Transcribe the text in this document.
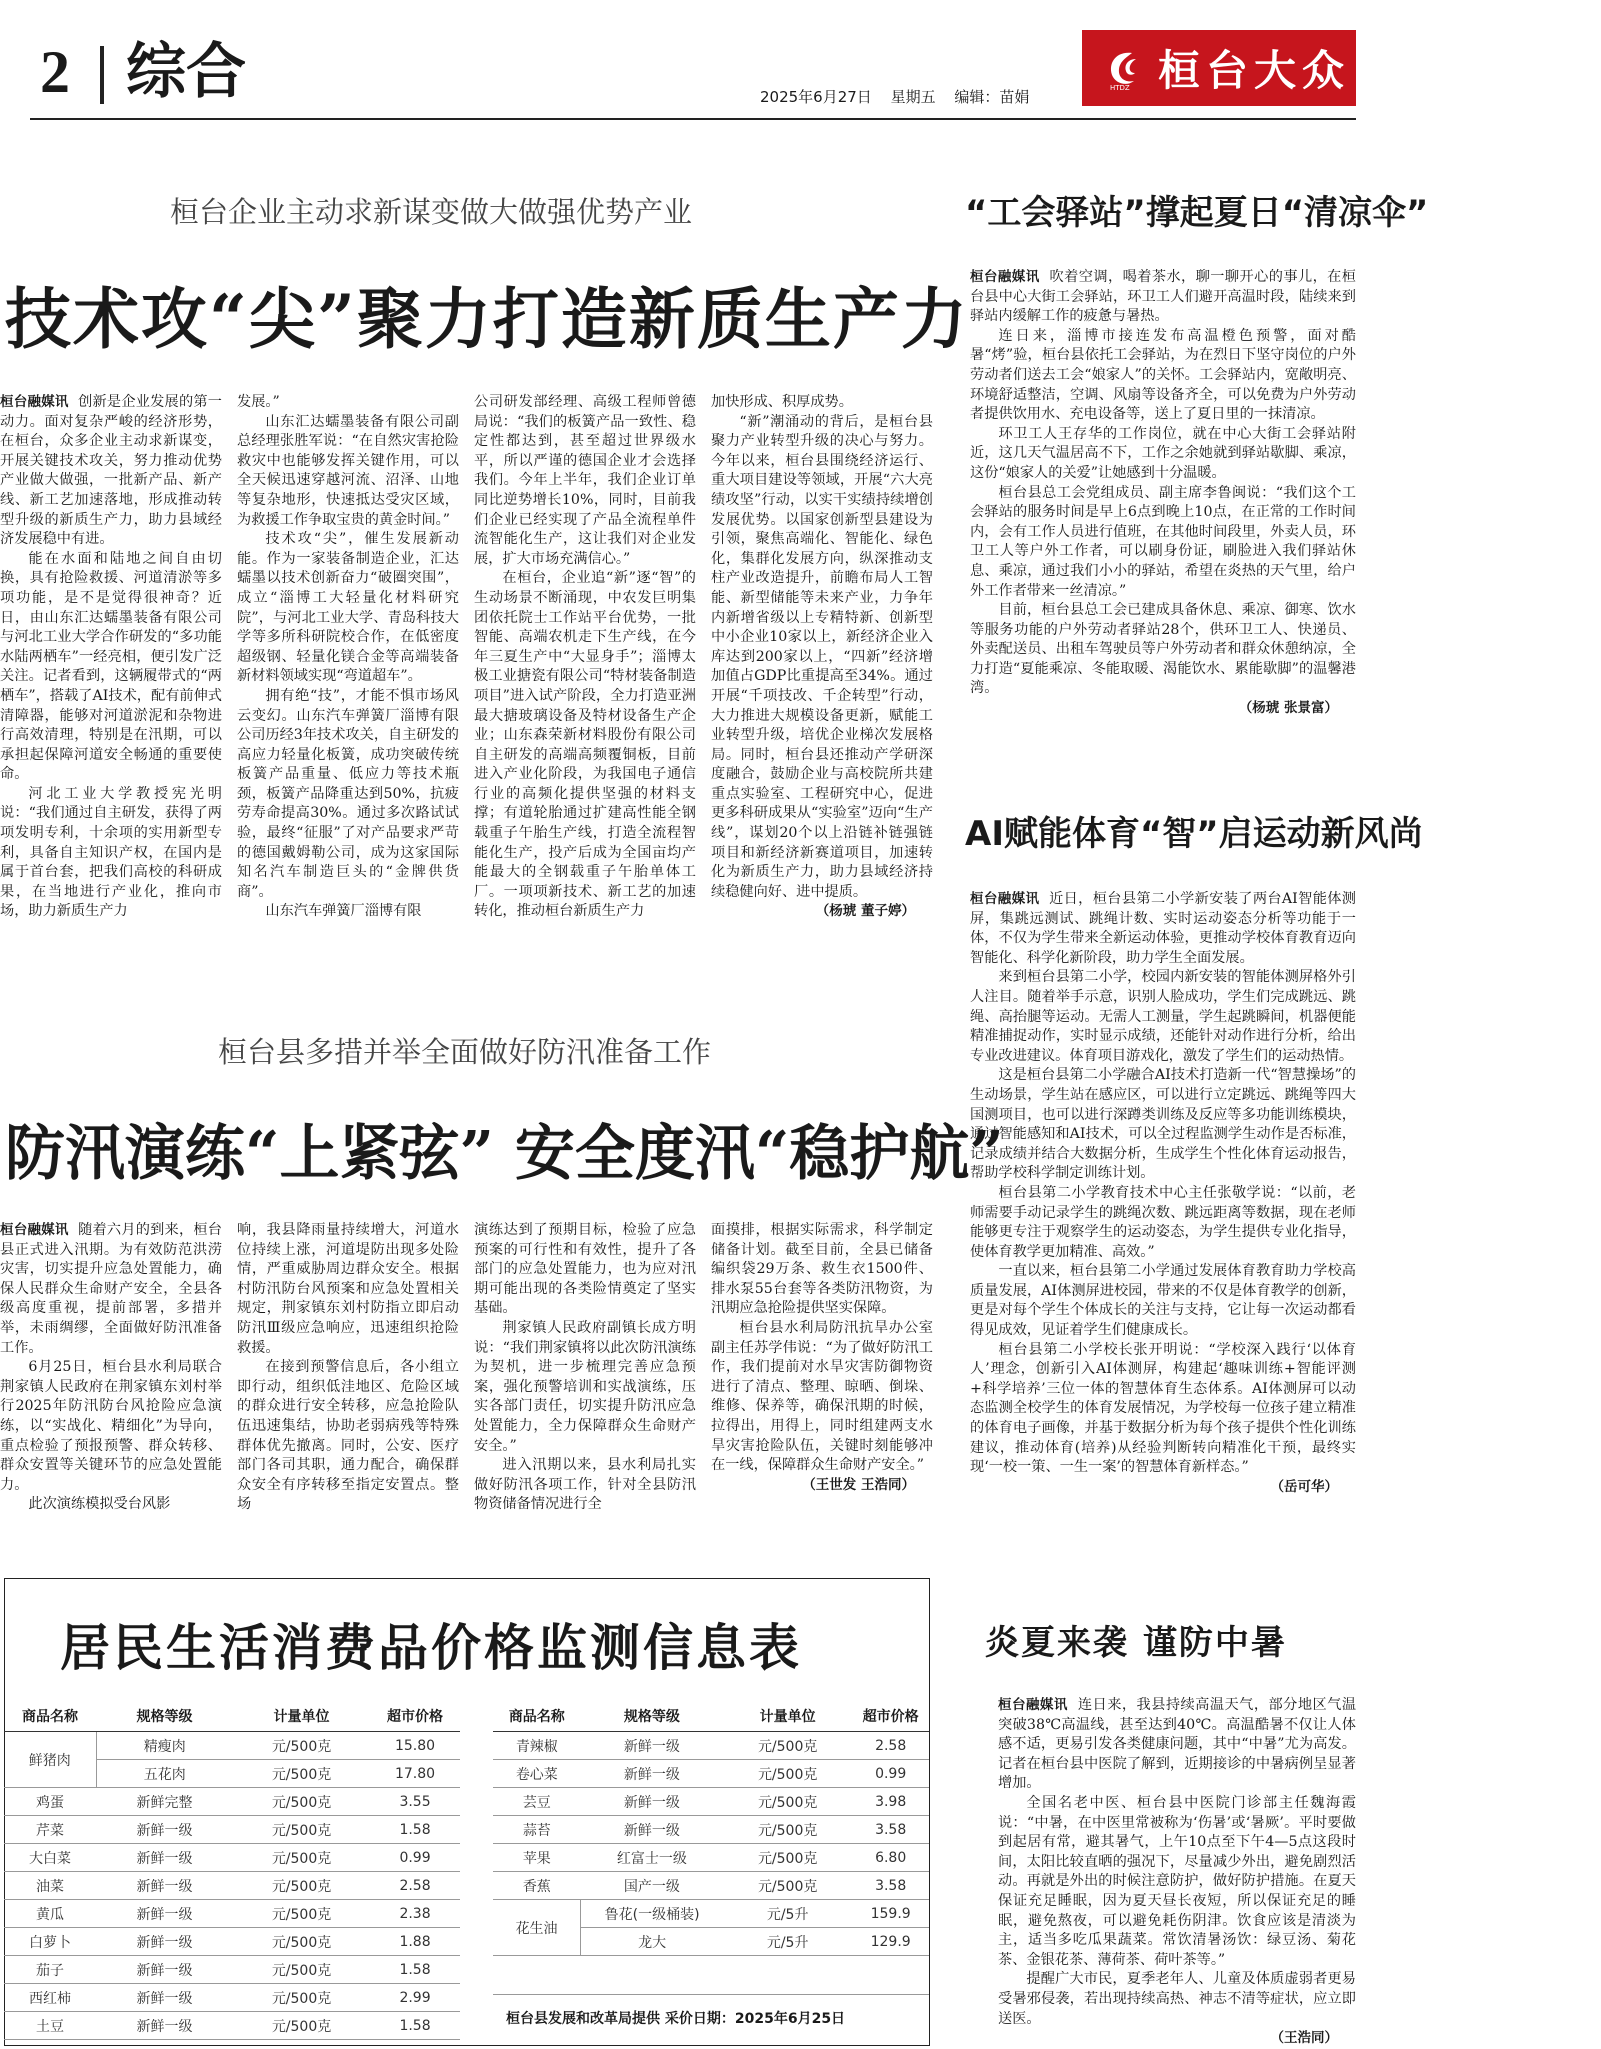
2 综合	2025年6月27日 星期五 编辑：苗娟	HTDZ 桓台大众
桓台企业主动求新谋变做大做强优势产业
技术攻“尖”聚力打造新质生产力

桓台融媒讯 创新是企业发展的第一动力。面对复杂严峻的经济形势，在桓台，众多企业主动求新谋变，开展关键技术攻关，努力推动优势产业做大做强，一批新产品、新产线、新工艺加速落地，形成推动转型升级的新质生产力，助力县域经济发展稳中有进。

能在水面和陆地之间自由切换，具有抢险救援、河道清淤等多项功能，是不是觉得很神奇？近日，由山东汇达蠕墨装备有限公司与河北工业大学合作研发的“多功能水陆两栖车”一经亮相，便引发广泛关注。记者看到，这辆履带式的“两栖车”，搭载了AI技术，配有前伸式清障器，能够对河道淤泥和杂物进行高效清理，特别是在汛期，可以承担起保障河道安全畅通的重要使命。

河北工业大学教授宪光明说：“我们通过自主研发，获得了两项发明专利，十余项的实用新型专利，具备自主知识产权，在国内是属于首台套，把我们高校的科研成果，在当地进行产业化，推向市场，助力新质生产力

发展。”

山东汇达蠕墨装备有限公司副总经理张胜军说：“在自然灾害抢险救灾中也能够发挥关键作用，可以全天候迅速穿越河流、沼泽、山地等复杂地形，快速抵达受灾区域，为救援工作争取宝贵的黄金时间。”

技术攻“尖”，催生发展新动能。作为一家装备制造企业，汇达蠕墨以技术创新奋力“破圈突围”，成立“淄博工大轻量化材料研究院”，与河北工业大学、青岛科技大学等多所科研院校合作，在低密度超级钢、轻量化镁合金等高端装备新材料领域实现“弯道超车”。

拥有绝“技”，才能不惧市场风云变幻。山东汽车弹簧厂淄博有限公司历经3年技术攻关，自主研发的高应力轻量化板簧，成功突破传统板簧产品重量、低应力等技术瓶颈，板簧产品降重达到50%，抗疲劳寿命提高30%。通过多次路试试验，最终“征服”了对产品要求严苛的德国戴姆勒公司，成为这家国际知名汽车制造巨头的“金牌供货商”。

山东汽车弹簧厂淄博有限

公司研发部经理、高级工程师曾德局说：“我们的板簧产品一致性、稳定性都达到，甚至超过世界级水平，所以严谨的德国企业才会选择我们。今年上半年，我们企业订单同比逆势增长10%，同时，目前我们企业已经实现了产品全流程单件流智能化生产，这让我们对企业发展，扩大市场充满信心。”

在桓台，企业追“新”逐“智”的生动场景不断涌现，中农发巨明集团依托院士工作站平台优势，一批智能、高端农机走下生产线，在今年三夏生产中“大显身手”；淄博太极工业搪瓷有限公司“特材装备制造项目”进入试产阶段，全力打造亚洲最大搪玻璃设备及特材设备生产企业；山东森荣新材料股份有限公司自主研发的高端高频覆铜板，目前进入产业化阶段，为我国电子通信行业的高频化提供坚强的材料支撑；有道轮胎通过扩建高性能全钢载重子午胎生产线，打造全流程智能化生产，投产后成为全国亩均产能最大的全钢载重子午胎单体工厂。一项项新技术、新工艺的加速转化，推动桓台新质生产力

加快形成、积厚成势。

“新”潮涌动的背后，是桓台县聚力产业转型升级的决心与努力。今年以来，桓台县围绕经济运行、重大项目建设等领域，开展“六大亮绩攻坚”行动，以实干实绩持续增创发展优势。以国家创新型县建设为引领，聚焦高端化、智能化、绿色化，集群化发展方向，纵深推动支柱产业改造提升，前瞻布局人工智能、新型储能等未来产业，力争年内新增省级以上专精特新、创新型中小企业10家以上，新经济企业入库达到200家以上，“四新”经济增加值占GDP比重提高至34%。通过开展“千项技改、千企转型”行动，大力推进大规模设备更新，赋能工业转型升级，培优企业梯次发展格局。同时，桓台县还推动产学研深度融合，鼓励企业与高校院所共建重点实验室、工程研究中心，促进更多科研成果从“实验室”迈向“生产线”，谋划20个以上沿链补链强链项目和新经济新赛道项目，加速转化为新质生产力，助力县域经济持续稳健向好、进中提质。

（杨琥 董子婷）

桓台县多措并举全面做好防汛准备工作
防汛演练“上紧弦” 安全度汛“稳护航”

桓台融媒讯 随着六月的到来，桓台县正式进入汛期。为有效防范洪涝灾害，切实提升应急处置能力，确保人民群众生命财产安全，全县各级高度重视，提前部署，多措并举，未雨绸缪，全面做好防汛准备工作。

6月25日，桓台县水利局联合荆家镇人民政府在荆家镇东刘村举行2025年防汛防台风抢险应急演练，以“实战化、精细化”为导向，重点检验了预报预警、群众转移、群众安置等关键环节的应急处置能力。

此次演练模拟受台风影

响，我县降雨量持续增大，河道水位持续上涨，河道堤防出现多处险情，严重威胁周边群众安全。根据村防汛防台风预案和应急处置相关规定，荆家镇东刘村防指立即启动防汛Ⅲ级应急响应，迅速组织抢险救援。

在接到预警信息后，各小组立即行动，组织低洼地区、危险区域的群众进行安全转移，应急抢险队伍迅速集结，协助老弱病残等特殊群体优先撤离。同时，公安、医疗部门各司其职，通力配合，确保群众安全有序转移至指定安置点。整场

演练达到了预期目标，检验了应急预案的可行性和有效性，提升了各部门的应急处置能力，也为应对汛期可能出现的各类险情奠定了坚实基础。

荆家镇人民政府副镇长成方明说：“我们荆家镇将以此次防汛演练为契机，进一步梳理完善应急预案，强化预警培训和实战演练，压实各部门责任，切实提升防汛应急处置能力，全力保障群众生命财产安全。”

进入汛期以来，县水利局扎实做好防汛各项工作，针对全县防汛物资储备情况进行全

面摸排，根据实际需求，科学制定储备计划。截至目前，全县已储备编织袋29万条、救生衣1500件、排水泵55台套等各类防汛物资，为汛期应急抢险提供坚实保障。

桓台县水利局防汛抗旱办公室副主任苏学伟说：“为了做好防汛工作，我们提前对水旱灾害防御物资进行了清点、整理、晾晒、倒垛、维修、保养等，确保汛期的时候，拉得出，用得上，同时组建两支水旱灾害抢险队伍，关键时刻能够冲在一线，保障群众生命财产安全。”

（王世发 王浩同）

“工会驿站”撑起夏日“清凉伞”

桓台融媒讯 吹着空调，喝着茶水，聊一聊开心的事儿，在桓台县中心大街工会驿站，环卫工人们避开高温时段，陆续来到驿站内缓解工作的疲惫与暑热。

连日来，淄博市接连发布高温橙色预警，面对酷暑“烤”验，桓台县依托工会驿站，为在烈日下坚守岗位的户外劳动者们送去工会“娘家人”的关怀。工会驿站内，宽敞明亮、环境舒适整洁，空调、风扇等设备齐全，可以免费为户外劳动者提供饮用水、充电设备等，送上了夏日里的一抹清凉。

环卫工人王存华的工作岗位，就在中心大街工会驿站附近，这几天气温居高不下，工作之余她就到驿站歇脚、乘凉，这份“娘家人的关爱”让她感到十分温暖。

桓台县总工会党组成员、副主席李鲁闽说：“我们这个工会驿站的服务时间是早上6点到晚上10点，在正常的工作时间内，会有工作人员进行值班，在其他时间段里，外卖人员，环卫工人等户外工作者，可以刷身份证，刷脸进入我们驿站休息、乘凉，通过我们小小的驿站，希望在炎热的天气里，给户外工作者带来一丝清凉。”

目前，桓台县总工会已建成具备休息、乘凉、御寒、饮水等服务功能的户外劳动者驿站28个，供环卫工人、快递员、外卖配送员、出租车驾驶员等户外劳动者和群众休憩纳凉，全力打造“夏能乘凉、冬能取暖、渴能饮水、累能歇脚”的温馨港湾。

（杨琥 张景富）

AI赋能体育“智”启运动新风尚

桓台融媒讯 近日，桓台县第二小学新安装了两台AI智能体测屏，集跳远测试、跳绳计数、实时运动姿态分析等功能于一体，不仅为学生带来全新运动体验，更推动学校体育教育迈向智能化、科学化新阶段，助力学生全面发展。

来到桓台县第二小学，校园内新安装的智能体测屏格外引人注目。随着举手示意，识别人脸成功，学生们完成跳远、跳绳、高抬腿等运动。无需人工测量，学生起跳瞬间，机器便能精准捕捉动作，实时显示成绩，还能针对动作进行分析，给出专业改进建议。体育项目游戏化，激发了学生们的运动热情。

这是桓台县第二小学融合AI技术打造新一代“智慧操场”的生动场景，学生站在感应区，可以进行立定跳远、跳绳等四大国测项目，也可以进行深蹲类训练及反应等多功能训练模块，通过智能感知和AI技术，可以全过程监测学生动作是否标准，记录成绩并结合大数据分析，生成学生个性化体育运动报告，帮助学校科学制定训练计划。

桓台县第二小学教育技术中心主任张敬学说：“以前，老师需要手动记录学生的跳绳次数、跳远距离等数据，现在老师能够更专注于观察学生的运动姿态，为学生提供专业化指导，使体育教学更加精准、高效。”

一直以来，桓台县第二小学通过发展体育教育助力学校高质量发展，AI体测屏进校园，带来的不仅是体育教学的创新，更是对每个学生个体成长的关注与支持，它让每一次运动都看得见成效，见证着学生们健康成长。

桓台县第二小学校长张开明说：“学校深入践行‘以体育人’理念，创新引入AI体测屏，构建起‘趣味训练+智能评测+科学培养’三位一体的智慧体育生态体系。AI体测屏可以动态监测全校学生的体育发展情况，为学校每一位孩子建立精准的体育电子画像，并基于数据分析为每个孩子提供个性化训练建议，推动体育(培养)从经验判断转向精准化干预，最终实现‘一校一策、一生一案’的智慧体育新样态。”

（岳可华）

炎夏来袭 谨防中暑

桓台融媒讯 连日来，我县持续高温天气，部分地区气温突破38℃高温线，甚至达到40℃。高温酷暑不仅让人体感不适，更易引发各类健康问题，其中“中暑”尤为高发。记者在桓台县中医院了解到，近期接诊的中暑病例呈显著增加。

全国名老中医、桓台县中医院门诊部主任魏海霞说：“中暑，在中医里常被称为‘伤暑’或‘暑厥’。平时要做到起居有常，避其暑气，上午10点至下午4—5点这段时间，太阳比较直晒的强况下，尽量减少外出，避免剧烈活动。再就是外出的时候注意防护，做好防护措施。在夏天保证充足睡眠，因为夏天昼长夜短，所以保证充足的睡眠，避免熬夜，可以避免耗伤阴津。饮食应该是清淡为主，适当多吃瓜果蔬菜。常饮清暑汤饮：绿豆汤、菊花茶、金银花茶、薄荷茶、荷叶茶等。”

提醒广大市民，夏季老年人、儿童及体质虚弱者更易受暑邪侵袭，若出现持续高热、神志不清等症状，应立即送医。

（王浩同）

居民生活消费品价格监测信息表
商品名称	规格等级	计量单位	超市价格
鲜猪肉	精瘦肉	元/500克	15.80
	五花肉	元/500克	17.80
鸡蛋	新鲜完整	元/500克	3.55
芹菜	新鲜一级	元/500克	1.58
大白菜	新鲜一级	元/500克	0.99
油菜	新鲜一级	元/500克	2.58
黄瓜	新鲜一级	元/500克	2.38
白萝卜	新鲜一级	元/500克	1.88
茄子	新鲜一级	元/500克	1.58
西红柿	新鲜一级	元/500克	2.99
土豆	新鲜一级	元/500克	1.58
商品名称	规格等级	计量单位	超市价格
青辣椒	新鲜一级	元/500克	2.58
卷心菜	新鲜一级	元/500克	0.99
芸豆	新鲜一级	元/500克	3.98
蒜苔	新鲜一级	元/500克	3.58
苹果	红富士一级	元/500克	6.80
香蕉	国产一级	元/500克	3.58
花生油	鲁花(一级桶装)	元/5升	159.9
	龙大	元/5升	129.9
桓台县发展和改革局提供 采价日期：2025年6月25日
